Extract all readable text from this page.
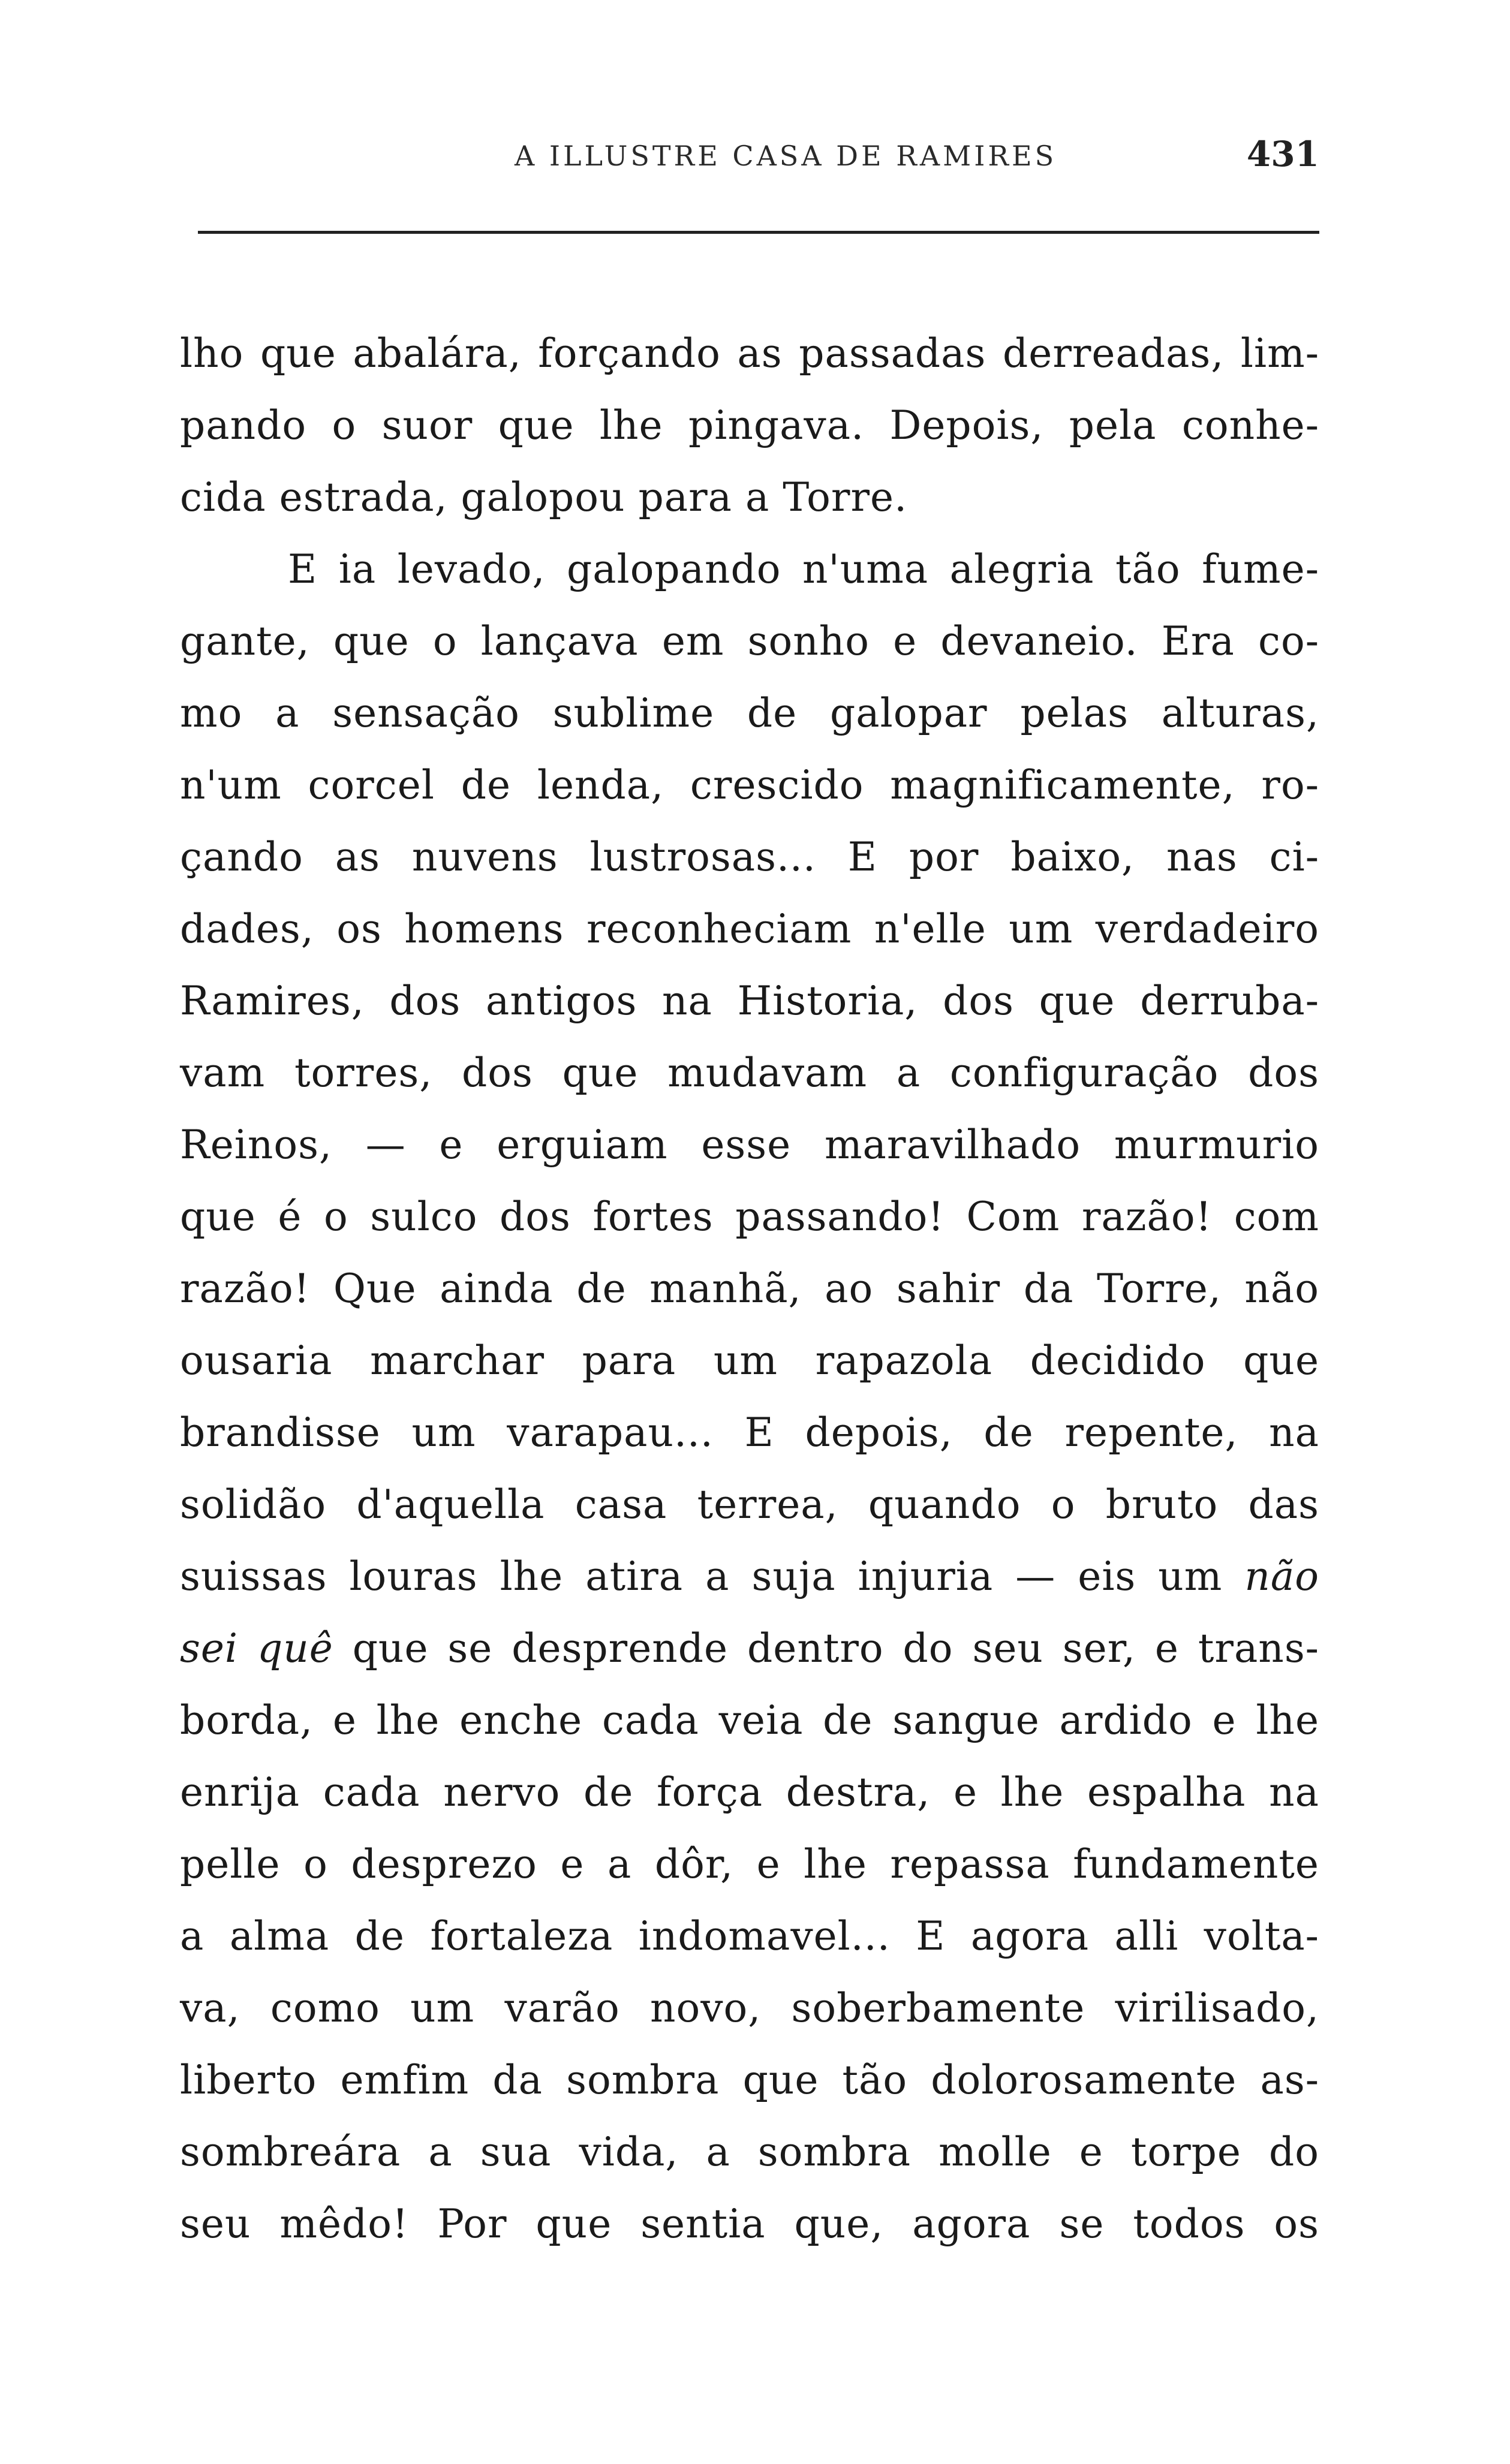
A ILLUSTRE CASA DE RAMIRES	431
lho que abalára, forçando as passadas derreadas, lim-
pando o suor que lhe pingava. Depois, pela conhe-
cida estrada, galopou para a Torre.
E ia levado, galopando n'uma alegria tão fume-
gante, que o lançava em sonho e devaneio. Era co-
mo a sensação sublime de galopar pelas alturas,
n'um corcel de lenda, crescido magnificamente, ro-
çando as nuvens lustrosas... E por baixo, nas ci-
dades, os homens reconheciam n'elle um verdadeiro
Ramires, dos antigos na Historia, dos que derruba-
vam torres, dos que mudavam a configuração dos
Reinos, — e erguiam esse maravilhado murmurio
que é o sulco dos fortes passando! Com razão! com
razão! Que ainda de manhã, ao sahir da Torre, não
ousaria marchar para um rapazola decidido que
brandisse um varapau... E depois, de repente, na
solidão d'aquella casa terrea, quando o bruto das
suissas louras lhe atira a suja injuria — eis um não
sei quê que se desprende dentro do seu ser, e trans-
borda, e lhe enche cada veia de sangue ardido e lhe
enrija cada nervo de força destra, e lhe espalha na
pelle o desprezo e a dôr, e lhe repassa fundamente
a alma de fortaleza indomavel... E agora alli volta-
va, como um varão novo, soberbamente virilisado,
liberto emfim da sombra que tão dolorosamente as-
sombreára a sua vida, a sombra molle e torpe do
seu mêdo! Por que sentia que, agora se todos os
